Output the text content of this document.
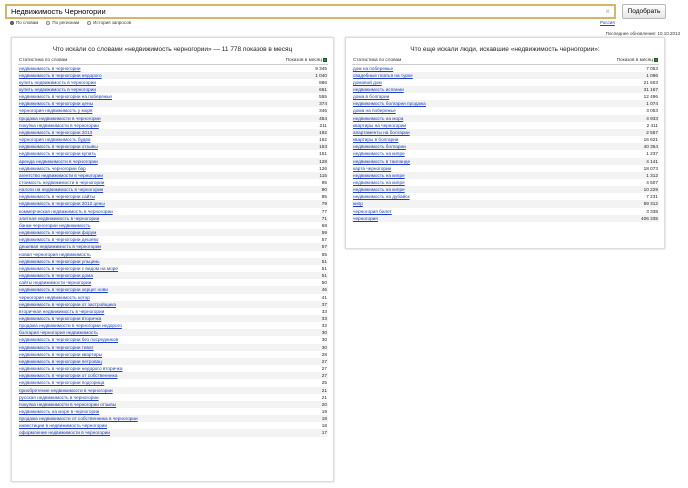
Недвижимость Черногории
×	Подобрать
По словам	По регионам	История запросов	Россия
Последнее обновление: 10.10.2013
Что искали со словами «недвижимость черногории» — 11 778 показов в месяц
Статистика по словам	Показов в месяц
недвижимость в черногории	9 345
недвижимость в черногории недорого	1 040
купить недвижимость в черногории	886
купить недвижимость в черногории	661
недвижимость в черногории на побережье	555
недвижимость в черногории цены	374
черногория недвижимость у моря	346
продажа недвижимости в черногории	454
покупка недвижимости в черногории	211
недвижимость в черногории 2013	192
черногория недвижимость будва	162
недвижимость в черногории отзывы	153
недвижимость в черногории купить	151
аренда недвижимости в черногории	128
недвижимость черногории бар	126
агентство недвижимости в черногории	115
стоимость недвижимости в черногории	95
налоги на недвижимость в черногории	90
недвижимость в черногории сайты	85
недвижимость в черногории 2012 цены	79
коммерческая недвижимость в черногории	77
элитная недвижимость в черногории	71
банки черногории недвижимость	68
недвижимость в черногории форум	59
недвижимость в черногории дешево	57
дешевая недвижимость в черногории	57
новая черногория недвижимость	55
недвижимость в черногории ульцинь	51
недвижимость в черногории с видом на море	51
недвижимость в черногории дома	51
сайты недвижимости черногории	50
недвижимость в черногории херцег нови	46
черногория недвижимость котор	41
недвижимость в черногории от застройщика	37
вторичная недвижимость в черногории	33
недвижимость в черногории вторичка	33
продажа недвижимости в черногории недорого	32
болгария черногория недвижимость	30
недвижимость в черногории без посредников	30
недвижимость в черногории тиват	30
недвижимость в черногории квартиры	28
недвижимость в черногории петровац	27
недвижимость в черногории недорого вторичка	27
недвижимость в черногории от собственника	27
недвижимость в черногории подгорица	25
приобретение недвижимости в черногории	21
русская недвижимость в черногории	21
покупка недвижимости в черногории отзывы	20
недвижимость на море в черногории	19
продажа недвижимости от собственника в черногории	18
инвестиции в недвижимость черногории	18
оформление недвижимости в черногории	17
Что еще искали люди, искавшие «недвижимость черногории»:
Статистика по словам	Показов в месяц
дом на побережье	7 053
свадебные платья на турке	1 096
домовой дом	21 603
недвижимость испании	31 167
дома в болгарии	12 496
недвижимость болгарии продажа	1 074
дома на побережье	3 053
недвижимость на мора	4 933
квартиры на черногории	2 411
апартаменты на болгарии	2 557
квартиры в болгарии	16 621
недвижимость болгарии	40 354
недвижимость на кипре	1 237
недвижимость в таиланде	4 141
карта черногории	18 073
недвижимость на кипре	1 312
недвижимость на кипре	4 507
недвижимость на кипре	10 229
недвижимость на дубайск	7 231
кипр	59 312
черногория билет	3 338
черногория	406 335
